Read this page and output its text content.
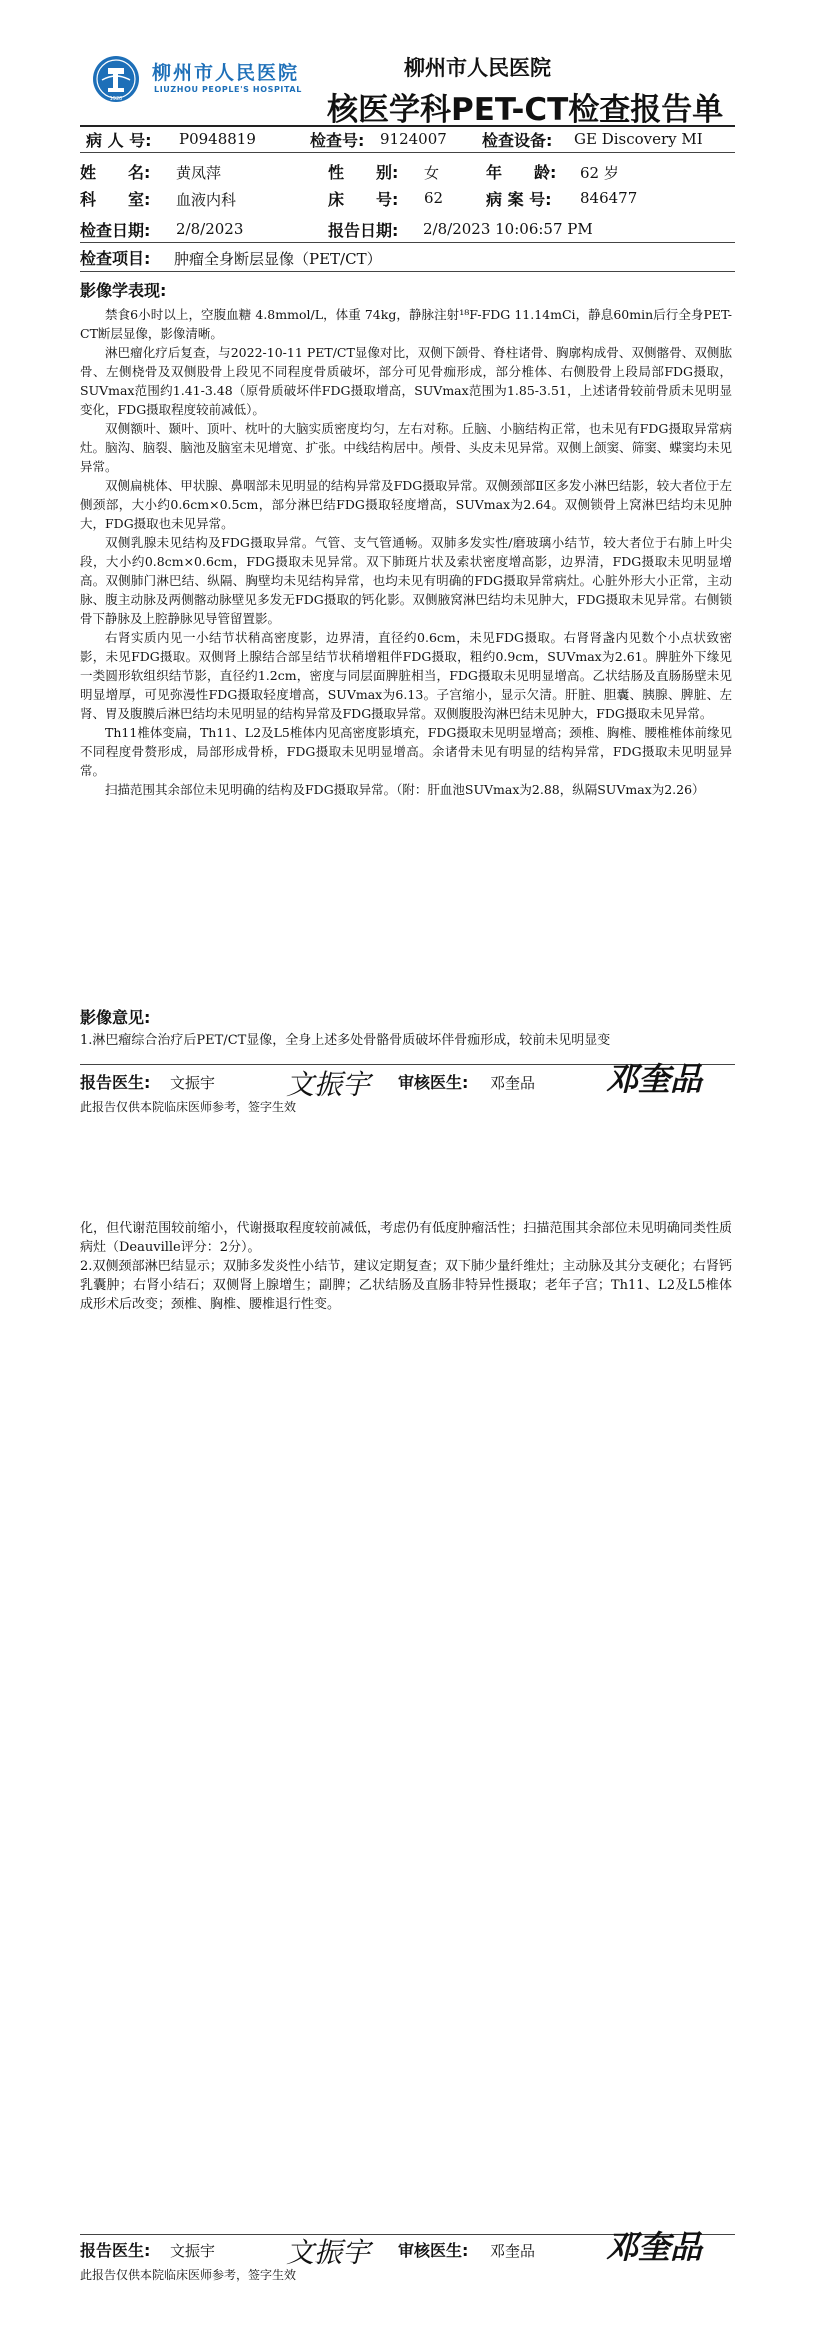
1928
柳州市人民医院
LIUZHOU PEOPLE'S HOSPITAL
柳州市人民医院
核医学科PET-CT检查报告单
病 人 号: P0948819	检查号: 9124007 检查设备: GE Discovery MI
姓　　名: 黄凤萍	性　　别: 女	年　　龄: 62 岁
科　　室: 血液内科	床　　号: 62	病 案 号: 846477
检查日期: 2/8/2023	报告日期: 2/8/2023 10:06:57 PM
检查项目: 肿瘤全身断层显像（PET/CT）
影像学表现:

禁食6小时以上，空腹血糖 4.8mmol/L，体重 74kg，静脉注射¹⁸F-FDG 11.14mCi，静息60min后行全身PET-CT断层显像，影像清晰。

淋巴瘤化疗后复查，与2022-10-11 PET/CT显像对比，双侧下颌骨、脊柱诸骨、胸廓构成骨、双侧髂骨、双侧肱骨、左侧桡骨及双侧股骨上段见不同程度骨质破坏，部分可见骨痂形成，部分椎体、右侧股骨上段局部FDG摄取，SUVmax范围约1.41-3.48（原骨质破坏伴FDG摄取增高，SUVmax范围为1.85-3.51，上述诸骨较前骨质未见明显变化，FDG摄取程度较前减低）。

双侧额叶、颞叶、顶叶、枕叶的大脑实质密度均匀，左右对称。丘脑、小脑结构正常，也未见有FDG摄取异常病灶。脑沟、脑裂、脑池及脑室未见增宽、扩张。中线结构居中。颅骨、头皮未见异常。双侧上颌窦、筛窦、蝶窦均未见异常。

双侧扁桃体、甲状腺、鼻咽部未见明显的结构异常及FDG摄取异常。双侧颈部Ⅱ区多发小淋巴结影，较大者位于左侧颈部，大小约0.6cm×0.5cm，部分淋巴结FDG摄取轻度增高，SUVmax为2.64。双侧锁骨上窝淋巴结均未见肿大，FDG摄取也未见异常。

双侧乳腺未见结构及FDG摄取异常。气管、支气管通畅。双肺多发实性/磨玻璃小结节，较大者位于右肺上叶尖段，大小约0.8cm×0.6cm，FDG摄取未见异常。双下肺斑片状及索状密度增高影，边界清，FDG摄取未见明显增高。双侧肺门淋巴结、纵隔、胸壁均未见结构异常，也均未见有明确的FDG摄取异常病灶。心脏外形大小正常，主动脉、腹主动脉及两侧髂动脉壁见多发无FDG摄取的钙化影。双侧腋窝淋巴结均未见肿大，FDG摄取未见异常。右侧锁骨下静脉及上腔静脉见导管留置影。

右肾实质内见一小结节状稍高密度影，边界清，直径约0.6cm，未见FDG摄取。右肾肾盏内见数个小点状致密影，未见FDG摄取。双侧肾上腺结合部呈结节状稍增粗伴FDG摄取，粗约0.9cm，SUVmax为2.61。脾脏外下缘见一类圆形软组织结节影，直径约1.2cm，密度与同层面脾脏相当，FDG摄取未见明显增高。乙状结肠及直肠肠壁未见明显增厚，可见弥漫性FDG摄取轻度增高，SUVmax为6.13。子宫缩小，显示欠清。肝脏、胆囊、胰腺、脾脏、左肾、胃及腹膜后淋巴结均未见明显的结构异常及FDG摄取异常。双侧腹股沟淋巴结未见肿大，FDG摄取未见异常。

Th11椎体变扁，Th11、L2及L5椎体内见高密度影填充，FDG摄取未见明显增高；颈椎、胸椎、腰椎椎体前缘见不同程度骨赘形成，局部形成骨桥，FDG摄取未见明显增高。余诸骨未见有明显的结构异常，FDG摄取未见明显异常。

扫描范围其余部位未见明确的结构及FDG摄取异常。（附：肝血池SUVmax为2.88，纵隔SUVmax为2.26）

影像意见:
1.淋巴瘤综合治疗后PET/CT显像，全身上述多处骨骼骨质破坏伴骨痂形成，较前未见明显变
报告医生: 文振宇	文振宇 审核医生: 邓奎品 邓奎品
此报告仅供本院临床医师参考，签字生效

化，但代谢范围较前缩小，代谢摄取程度较前减低，考虑仍有低度肿瘤活性；扫描范围其余部位未见明确同类性质病灶（Deauville评分：2分）。

2.双侧颈部淋巴结显示；双肺多发炎性小结节，建议定期复查；双下肺少量纤维灶；主动脉及其分支硬化；右肾钙乳囊肿；右肾小结石；双侧肾上腺增生；副脾；乙状结肠及直肠非特异性摄取；老年子宫；Th11、L2及L5椎体成形术后改变；颈椎、胸椎、腰椎退行性变。

报告医生: 文振宇	文振宇 审核医生: 邓奎品 邓奎品
此报告仅供本院临床医师参考，签字生效
